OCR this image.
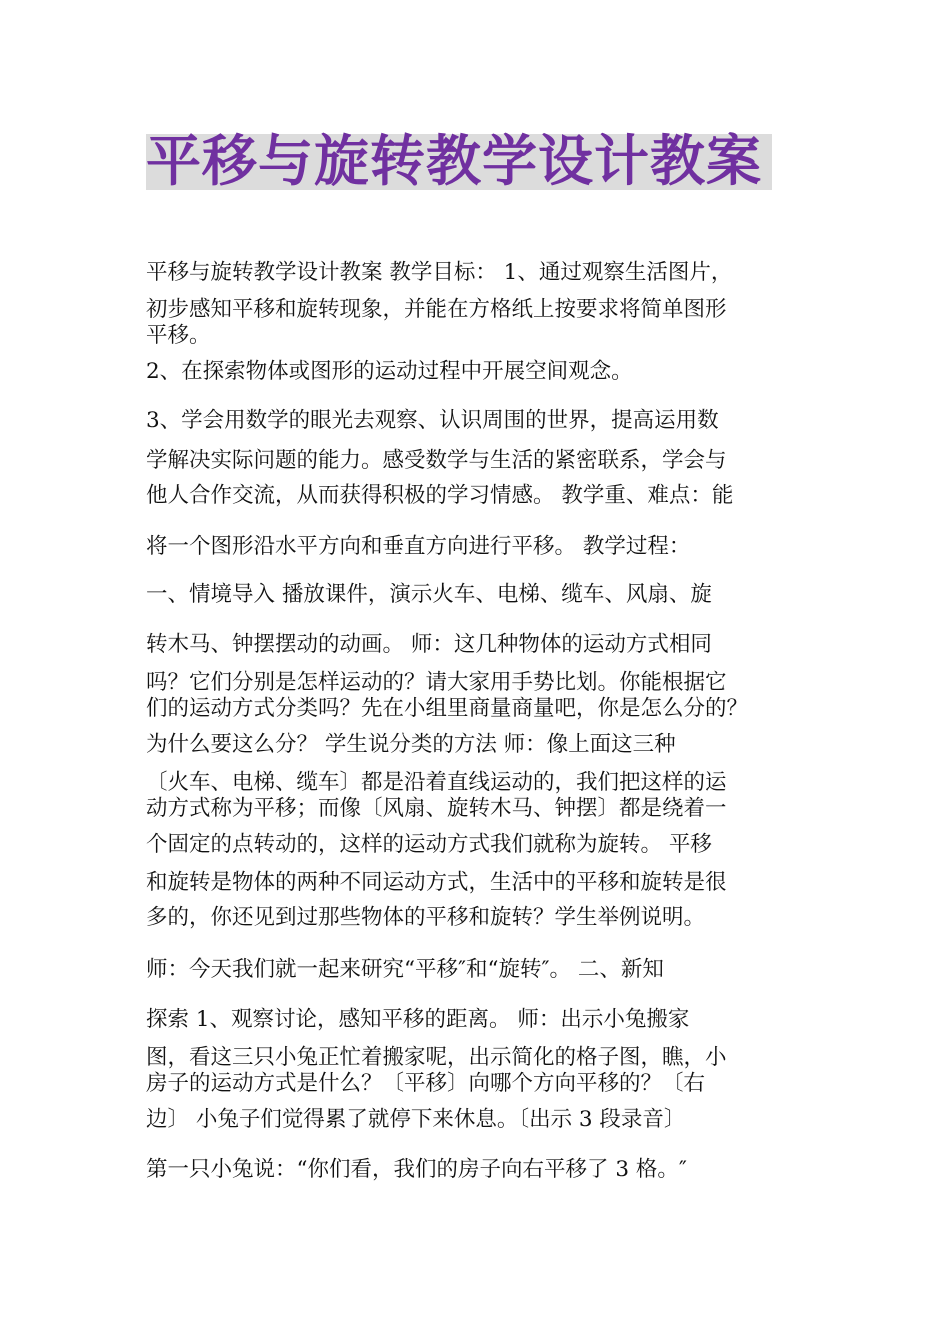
平移与旋转教学设计教案
平移与旋转教学设计教案 教学目标： 1、通过观察生活图片，
初步感知平移和旋转现象，并能在方格纸上按要求将简单图形
平移。
2、在探索物体或图形的运动过程中开展空间观念。
3、学会用数学的眼光去观察、认识周围的世界，提高运用数
学解决实际问题的能力。感受数学与生活的紧密联系，学会与
他人合作交流，从而获得积极的学习情感。 教学重、难点：能
将一个图形沿水平方向和垂直方向进行平移。 教学过程：
一、情境导入 播放课件，演示火车、电梯、缆车、风扇、旋
转木马、钟摆摆动的动画。 师：这几种物体的运动方式相同
吗？它们分别是怎样运动的？请大家用手势比划。你能根据它
们的运动方式分类吗？先在小组里商量商量吧，你是怎么分的？
为什么要这么分？ 学生说分类的方法 师：像上面这三种
〔火车、电梯、缆车〕都是沿着直线运动的，我们把这样的运
动方式称为平移；而像〔风扇、旋转木马、钟摆〕都是绕着一
个固定的点转动的，这样的运动方式我们就称为旋转。 平移
和旋转是物体的两种不同运动方式，生活中的平移和旋转是很
多的，你还见到过那些物体的平移和旋转？学生举例说明。
师：今天我们就一起来研究“平移″和“旋转″。 二、新知
探索 1、观察讨论，感知平移的距离。 师：出示小兔搬家
图，看这三只小兔正忙着搬家呢，出示简化的格子图，瞧，小
房子的运动方式是什么？〔平移〕向哪个方向平移的？〔右
边〕 小兔子们觉得累了就停下来休息。〔出示 3 段录音〕
第一只小兔说：“你们看，我们的房子向右平移了 3 格。″
